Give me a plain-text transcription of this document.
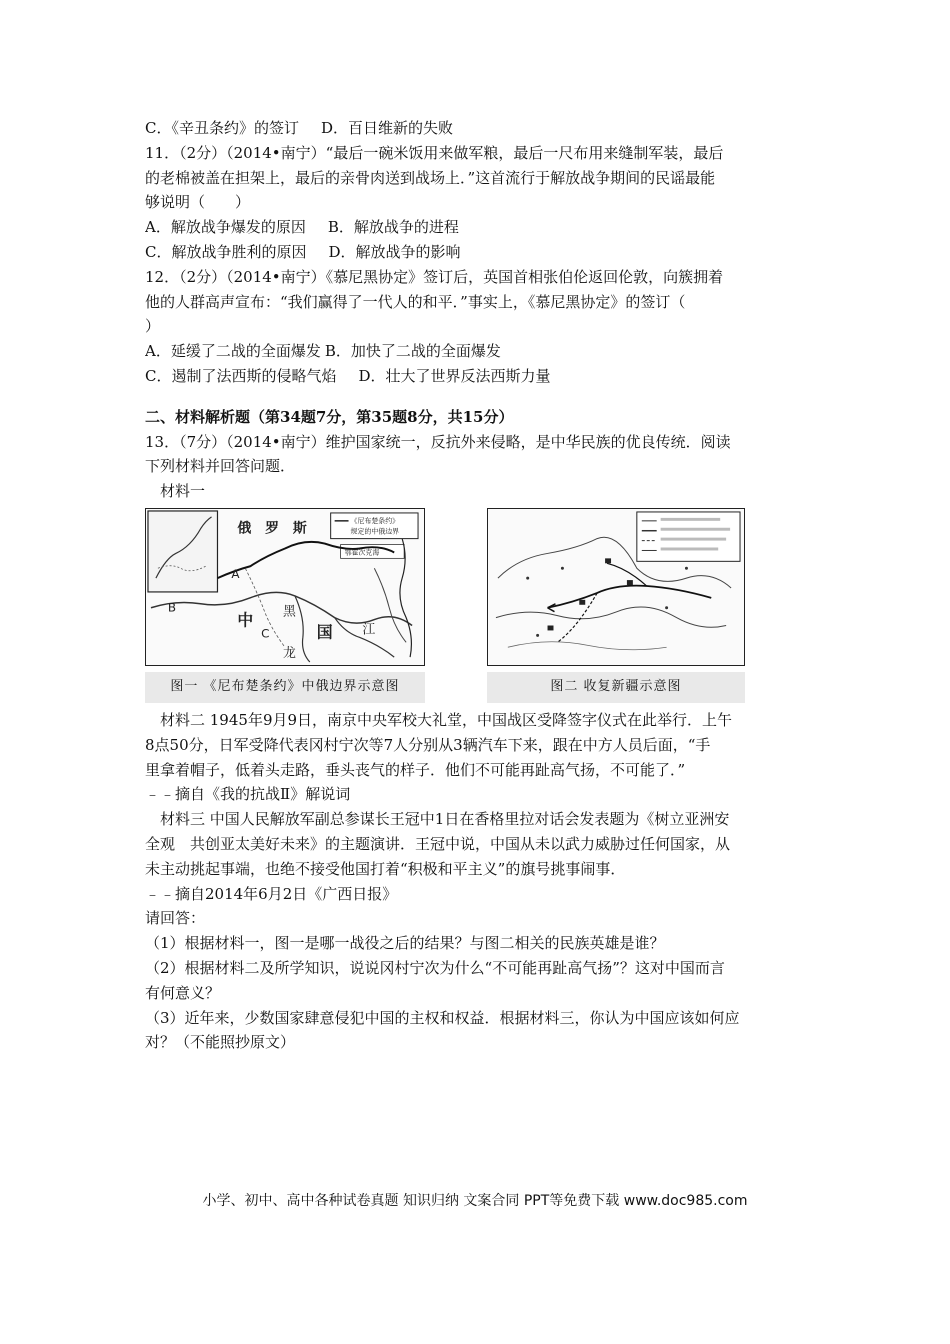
C．《辛丑条约》的签订 D．百日维新的失败
11．（2分）（2014•南宁）“最后一碗米饭用来做军粮，最后一尺布用来缝制军装，最后
的老棉被盖在担架上，最后的亲骨肉送到战场上．”这首流行于解放战争期间的民谣最能
够说明（　　）
A．解放战争爆发的原因 B．解放战争的进程
C．解放战争胜利的原因 D．解放战争的影响
12．（2分）（2014•南宁）《慕尼黑协定》签订后，英国首相张伯伦返回伦敦，向簇拥着
他的人群高声宣布：“我们赢得了一代人的和平．”事实上，《慕尼黑协定》的签订（
）
A．延缓了二战的全面爆发 B．加快了二战的全面爆发
C．遏制了法西斯的侵略气焰 D．壮大了世界反法西斯力量
二、材料解析题（第34题7分，第35题8分，共15分）
13．（7分）（2014•南宁）维护国家统一，反抗外来侵略，是中华民族的优良传统．阅读
下列材料并回答问题．
材料一
《尼布楚条约》
规定的中俄边界
鄂霍次克海
俄　罗　斯
A
B
C
中
国
黑
龙
江
图一 《尼布楚条约》中俄边界示意图	图二 收复新疆示意图
材料二 1945年9月9日，南京中央军校大礼堂，中国战区受降签字仪式在此举行．上午
8点50分，日军受降代表冈村宁次等7人分别从3辆汽车下来，跟在中方人员后面，“手
里拿着帽子，低着头走路，垂头丧气的样子．他们不可能再趾高气扬，不可能了．”
﹣﹣摘自《我的抗战Ⅱ》解说词
材料三 中国人民解放军副总参谋长王冠中1日在香格里拉对话会发表题为《树立亚洲安
全观　共创亚太美好未来》的主题演讲．王冠中说，中国从未以武力威胁过任何国家，从
未主动挑起事端，也绝不接受他国打着“积极和平主义”的旗号挑事闹事．
﹣﹣摘自2014年6月2日《广西日报》
请回答：
（1）根据材料一，图一是哪一战役之后的结果？与图二相关的民族英雄是谁？
（2）根据材料二及所学知识，说说冈村宁次为什么“不可能再趾高气扬”？这对中国而言
有何意义？
（3）近年来，少数国家肆意侵犯中国的主权和权益．根据材料三，你认为中国应该如何应
对？（不能照抄原文）
小学、初中、高中各种试卷真题 知识归纳 文案合同 PPT等免费下载 www.doc985.com
